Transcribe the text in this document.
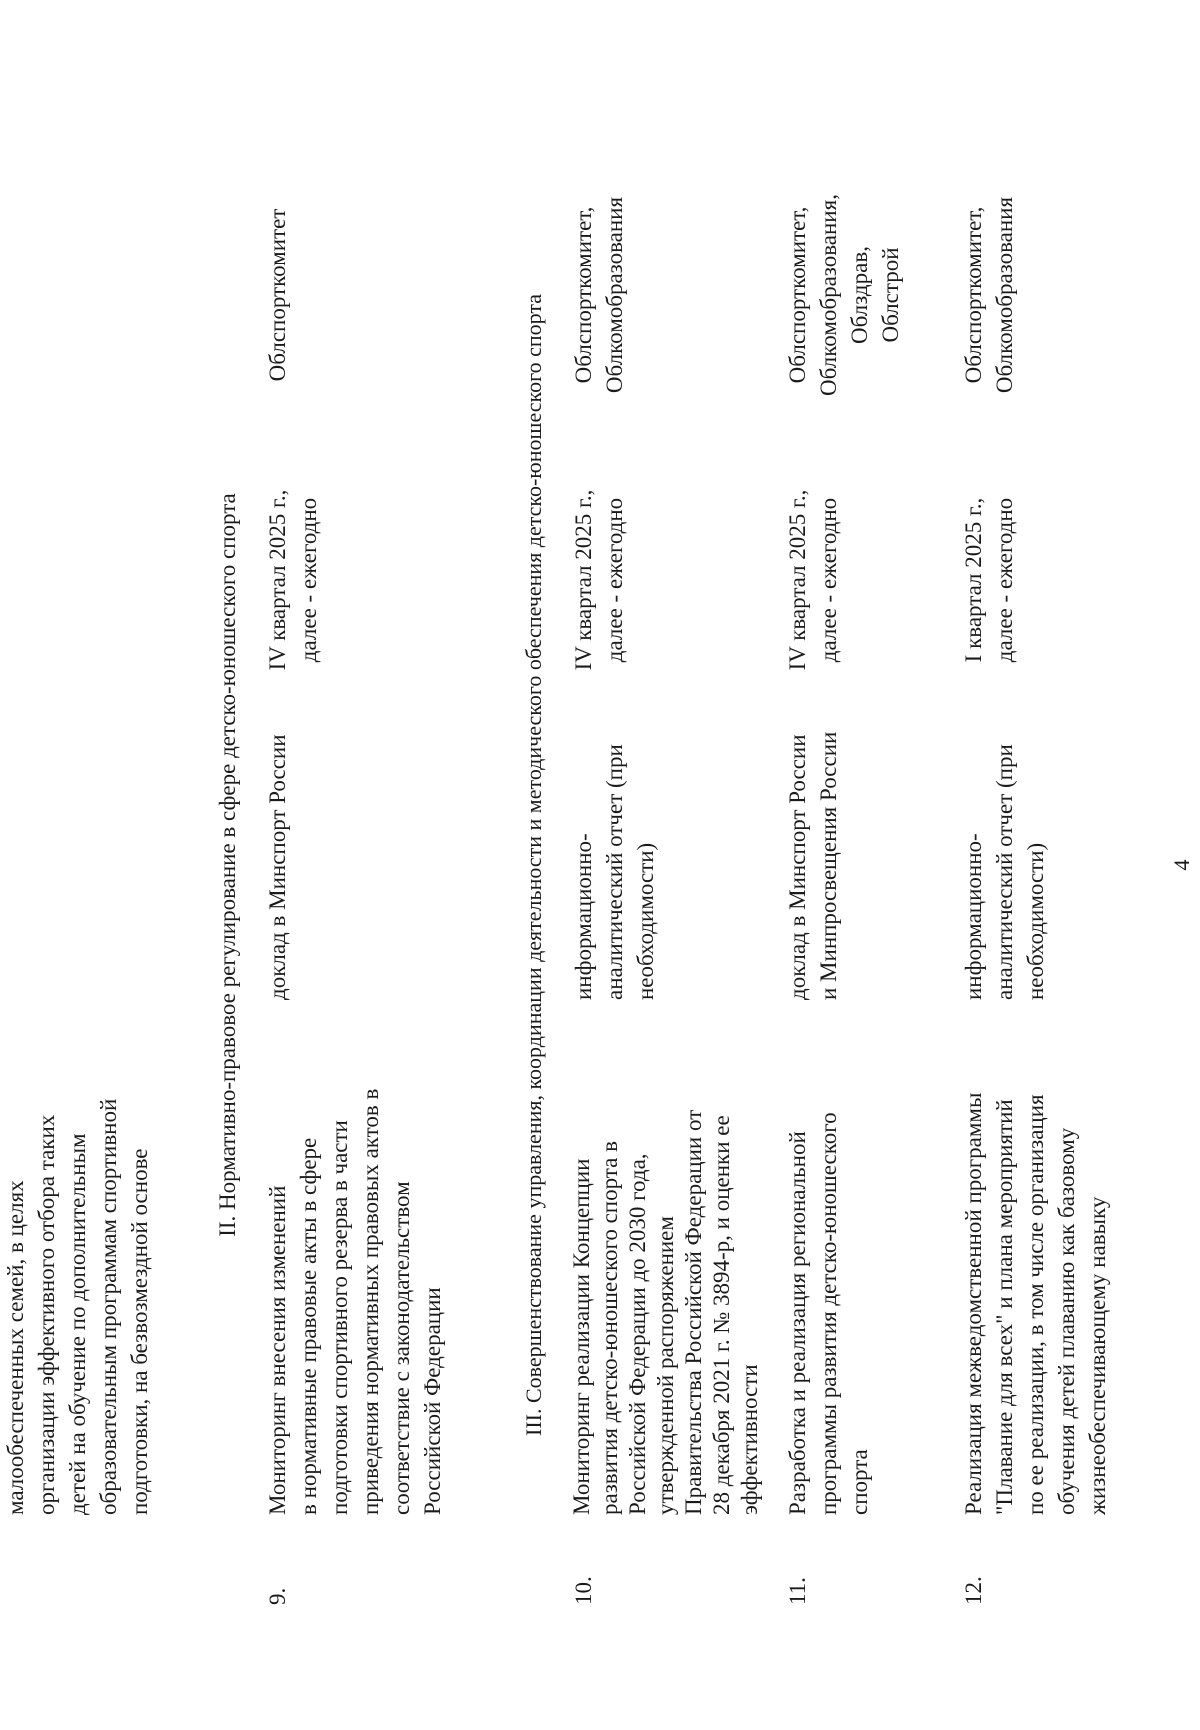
4
малообеспеченных семей, в целях организации эффективного отбора таких детей на обучение по дополнительным образовательным программам спортивной подготовки, на безвозмездной основе
II. Нормативно-правовое регулирование в сфере детско-юношеского спорта
9.
Мониторинг внесения изменений в нормативные правовые акты в сфере подготовки спортивного резерва в части приведения нормативных правовых актов в соответствие с законодательством Российской Федерации
доклад в Минспорт России
IV квартал 2025 г., далее - ежегодно
Облспорткомитет	III. Совершенствование управления, координации деятельности и методического обеспечения детско-юношеского спорта
10.
Мониторинг реализации Концепции развития детско-юношеского спорта в Российской Федерации до 2030 года, утвержденной распоряжением Правительства Российской Федерации от 28 декабря 2021 г. № 3894-р, и оценки ее эффективности
информационно- аналитический отчет (при необходимости)
IV квартал 2025 г., далее - ежегодно
Облспорткомитет, Облкомобразования
11.
Разработка и реализация региональной программы развития детско-юношеского спорта
доклад в Минспорт России и Минпросвещения России
IV квартал 2025 г., далее - ежегодно
Облспорткомитет, Облкомобразования, Облздрав, Облстрой
12.
Реализация межведомственной программы "Плавание для всех" и плана мероприятий по ее реализации, в том числе организация обучения детей плаванию как базовому жизнеобеспечивающему навыку
информационно- аналитический отчет (при необходимости)
I квартал 2025 г., далее - ежегодно
Облспорткомитет, Облкомобразования
